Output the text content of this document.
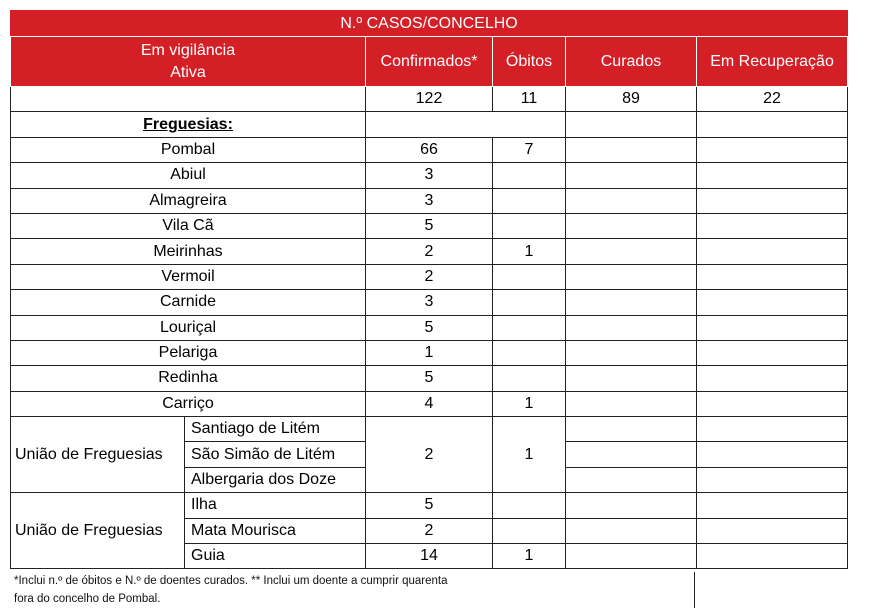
N.º CASOS/CONCELHO					

Em vigilância
Ativa		Confirmados*	Óbitos	Curados	Em Recuperação
		122	11	89	22
Freguesias:					
Pombal		66	7		
Abiul		3			
Almagreira		3			
Vila Cã		5			
Meirinhas		2	1		
Vermoil		2			
Carnide		3			
Louriçal		5			
Pelariga		1			
Redinha		5			
Carriço		4	1		
União de Freguesias	Santiago de Litém	2	1		
	São Simão de Litém				
	Albergaria dos Doze				
União de Freguesias	Ilha	5			
	Mata Mourisca	2			
	Guia	14	1		
*Inclui n.º de óbitos e N.º de doentes curados. ** Inclui um doente a cumprir quarenta
fora do concelho de Pombal.
